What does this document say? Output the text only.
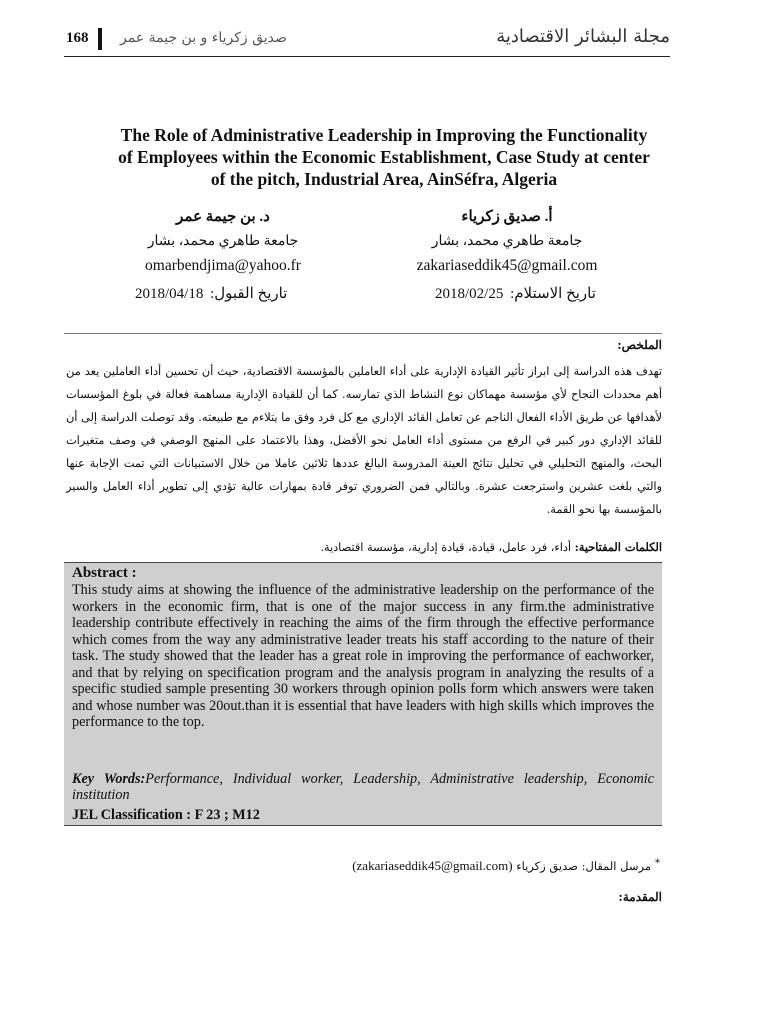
168 صديق زكرياء و بن جيمة عمر	مجلة البشائر الاقتصادية
The Role of Administrative Leadership in Improving the Functionality
of Employees within the Economic Establishment, Case Study at center
of the pitch, Industrial Area, AinSéfra, Algeria
أ. صديق زكرياء
جامعة طاهري محمد، بشار
zakariaseddik45@gmail.com
د. بن جيمة عمر
جامعة طاهري محمد، بشار
omarbendjima@yahoo.fr
تاريخ الاستلام: 2018/02/25
تاريخ القبول: 2018/04/18
الملخص:

تهدف هذه الدراسة إلى ابراز تأثير القيادة الإدارية على أداء العاملين بالمؤسسة الاقتصادية، حيث أن تحسين أداء العاملين يعد من أهم محددات النجاح لأي مؤسسة مهماكان نوع النشاط الذي تمارسه. كما أن للقيادة الإدارية مساهمة فعالة في بلوغ المؤسسات لأهدافها عن طريق الأداء الفعال الناجم عن تعامل القائد الإداري مع كل فرد وفق ما يتلاءم مع طبيعته. وقد توصلت الدراسة إلى أن للقائد الإداري دور كبير في الرفع من مستوى أداء العامل نحو الأفضل، وهذا بالاعتماد على المنهج الوصفي في وصف متغيرات البحث، والمنهج التحليلي في تحليل نتائج العينة المدروسة البالغ عددها ثلاثين عاملا من خلال الاستبيانات التي تمت الإجابة عنها والتي بلغت عشرين واسترجعت عشرة. وبالتالي فمن الضروري توفر قادة بمهارات عالية تؤدي إلى تطوير أداء العامل والسير بالمؤسسة بها نحو القمة.

الكلمات المفتاحية: أداء، فرد عامل، قيادة، قيادة إدارية، مؤسسة اقتصادية.
Abstract :
This study aims at showing the influence of the administrative leadership on the performance of the workers in the economic firm, that is one of the major success in any firm.the administrative leadership contribute effectively in reaching the aims of the firm through the effective performance which comes from the way any administrative leader treats his staff according to the nature of their task. The study showed that the leader has a great role in improving the performance of eachworker, and that by relying on specification program and the analysis program in analyzing the results of a specific studied sample presenting 30 workers through opinion polls form which answers were taken and whose number was 20out.than it is essential that have leaders with high skills which improves the performance to the top.
Key Words:Performance, Individual worker, Leadership, Administrative leadership, Economic institution
JEL Classification : F 23 ; M12
*مرسل المقال: صديق زكرياء (zakariaseddik45@gmail.com)
المقدمة:
